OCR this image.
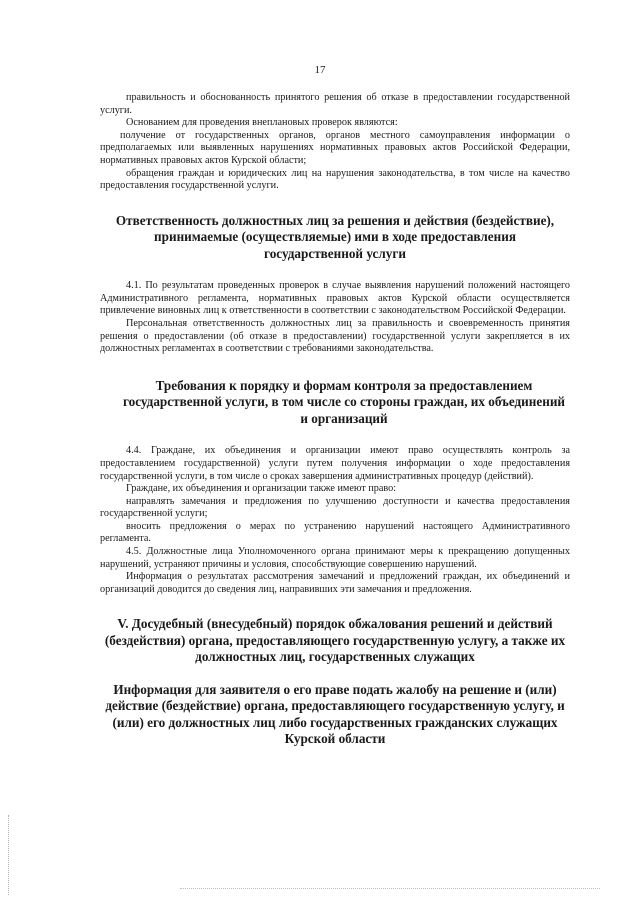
17

правильность и обоснованность принятого решения об отказе в предоставлении государственной услуги.

Основанием для проведения внеплановых проверок являются:

получение от государственных органов, органов местного самоуправления информации о предполагаемых или выявленных нарушениях нормативных правовых актов Российской Федерации, нормативных правовых актов Курской области;

обращения граждан и юридических лиц на нарушения законодательства, в том числе на качество предоставления государственной услуги.

Ответственность должностных лиц за решения и действия (бездействие), принимаемые (осуществляемые) ими в ходе предоставления государственной услуги

4.1. По результатам проведенных проверок в случае выявления нарушений положений настоящего Административного регламента, нормативных правовых актов Курской области осуществляется привлечение виновных лиц к ответственности в соответствии с законодательством Российской Федерации.

Персональная ответственность должностных лиц за правильность и своевременность принятия решения о предоставлении (об отказе в предоставлении) государственной услуги закрепляется в их должностных регламентах в соответствии с требованиями законодательства.

Требования к порядку и формам контроля за предоставлением государственной услуги, в том числе со стороны граждан, их объединений и организаций

4.4. Граждане, их объединения и организации имеют право осуществлять контроль за предоставлением государственной) услуги путем получения информации о ходе предоставления государственной услуги, в том числе о сроках завершения административных процедур (действий).

Граждане, их объединения и организации также имеют право:

направлять замечания и предложения по улучшению доступности и качества предоставления государственной услуги;

вносить предложения о мерах по устранению нарушений настоящего Административного регламента.

4.5. Должностные лица Уполномоченного органа принимают меры к прекращению допущенных нарушений, устраняют причины и условия, способствующие совершению нарушений.

Информация о результатах рассмотрения замечаний и предложений граждан, их объединений и организаций доводится до сведения лиц, направивших эти замечания и предложения.

V. Досудебный (внесудебный) порядок обжалования решений и действий (бездействия) органа, предоставляющего государственную услугу, а также их должностных лиц, государственных служащих
Информация для заявителя о его праве подать жалобу на решение и (или) действие (бездействие) органа, предоставляющего государственную услугу, и (или) его должностных лиц либо государственных гражданских служащих Курской области
